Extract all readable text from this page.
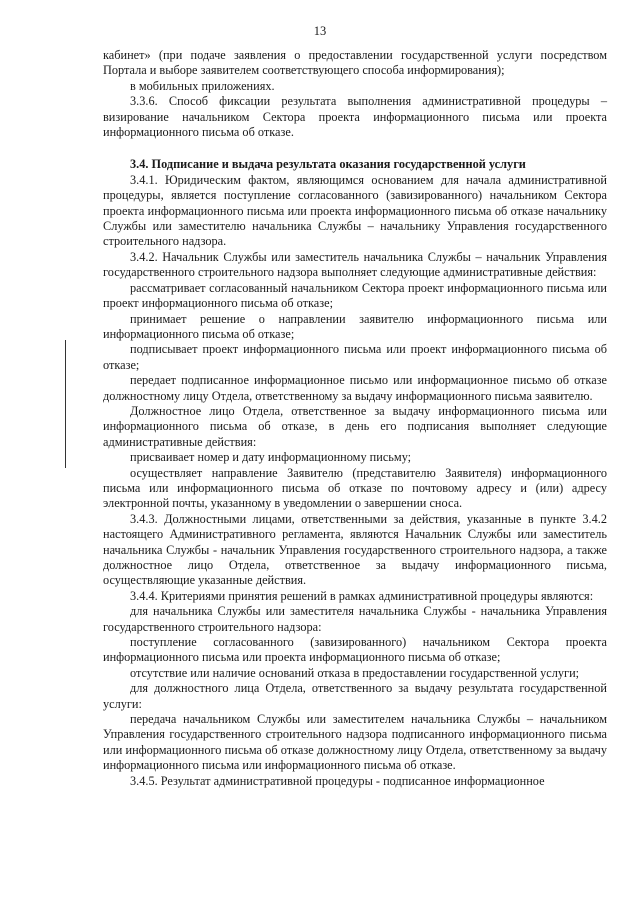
13

кабинет» (при подаче заявления о предоставлении государственной услуги посредством Портала и выборе заявителем соответствующего способа информирования);

в мобильных приложениях.

3.3.6. Способ фиксации результата выполнения административной процедуры – визирование начальником Сектора проекта информационного письма или проекта информационного письма об отказе.

3.4. Подписание и выдача результата оказания государственной услуги

3.4.1. Юридическим фактом, являющимся основанием для начала административной процедуры, является поступление согласованного (завизированного) начальником Сектора проекта информационного письма или проекта информационного письма об отказе начальнику Службы или заместителю начальника Службы – начальнику Управления государственного строительного надзора.

3.4.2. Начальник Службы или заместитель начальника Службы – начальник Управления государственного строительного надзора выполняет следующие административные действия:

рассматривает согласованный начальником Сектора проект информационного письма или проект информационного письма об отказе;

принимает решение о направлении заявителю информационного письма или информационного письма об отказе;

подписывает проект информационного письма или проект информационного письма об отказе;

передает подписанное информационное письмо или информационное письмо об отказе должностному лицу Отдела, ответственному за выдачу информационного письма заявителю.

Должностное лицо Отдела, ответственное за выдачу информационного письма или информационного письма об отказе, в день его подписания выполняет следующие административные действия:

присваивает номер и дату информационному письму;

осуществляет направление Заявителю (представителю Заявителя) информационного письма или информационного письма об отказе по почтовому адресу и (или) адресу электронной почты, указанному в уведомлении о завершении сноса.

3.4.3. Должностными лицами, ответственными за действия, указанные в пункте 3.4.2 настоящего Административного регламента, являются Начальник Службы или заместитель начальника Службы - начальник Управления государственного строительного надзора, а также должностное лицо Отдела, ответственное за выдачу информационного письма, осуществляющие указанные действия.

3.4.4. Критериями принятия решений в рамках административной процедуры являются:

для начальника Службы или заместителя начальника Службы - начальника Управления государственного строительного надзора:

поступление согласованного (завизированного) начальником Сектора проекта информационного письма или проекта информационного письма об отказе;

отсутствие или наличие оснований отказа в предоставлении государственной услуги;

для должностного лица Отдела, ответственного за выдачу результата государственной услуги:

передача начальником Службы или заместителем начальника Службы – начальником Управления государственного строительного надзора подписанного информационного письма или информационного письма об отказе должностному лицу Отдела, ответственному за выдачу информационного письма или информационного письма об отказе.

3.4.5. Результат административной процедуры - подписанное информационное
